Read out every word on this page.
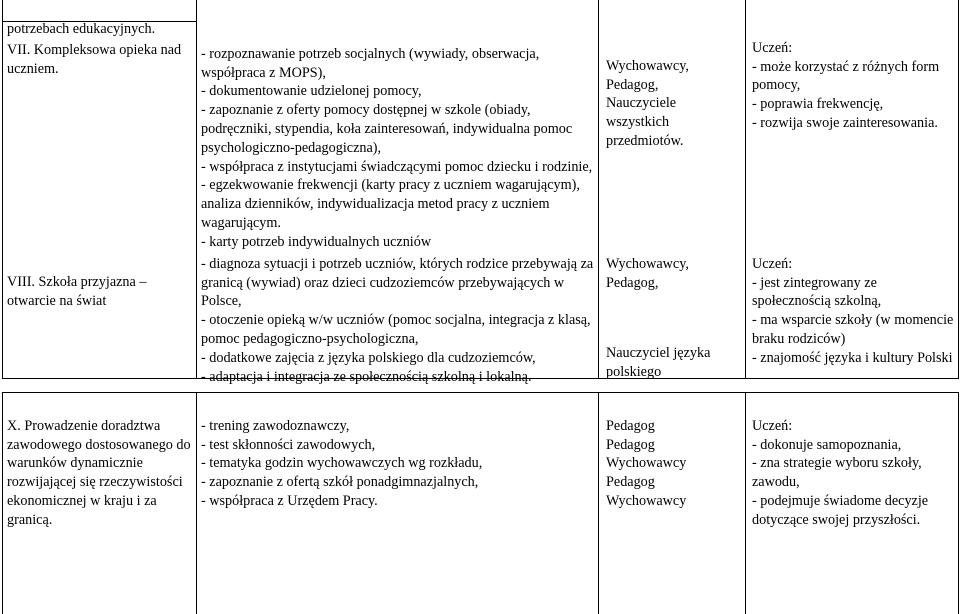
potrzebach edukacyjnych.

VII. Kompleksowa opieka nad uczniem.

VIII. Szkoła przyjazna –otwarcie na świat

- rozpoznawanie potrzeb socjalnych (wywiady, obserwacja, współpraca z MOPS),
- dokumentowanie udzielonej pomocy,
- zapoznanie z oferty pomocy dostępnej w szkole (obiady, podręczniki, stypendia, koła zainteresowań, indywidualna pomoc psychologiczno-pedagogiczna),
- współpraca z instytucjami świadczącymi pomoc dziecku i rodzinie,
- egzekwowanie frekwencji (karty pracy z uczniem wagarującym), analiza dzienników, indywidualizacja metod pracy z uczniem wagarującym.
- karty potrzeb indywidualnych uczniów

- diagnoza sytuacji i potrzeb uczniów, których rodzice przebywają za granicą (wywiad) oraz dzieci cudzoziemców przebywających w Polsce,
- otoczenie opieką w/w uczniów (pomoc socjalna, integracja z klasą, pomoc pedagogiczno-psychologiczna,
- dodatkowe zajęcia z języka polskiego dla cudzoziemców,
- adaptacja i integracja ze społecznością szkolną i lokalną.

Wychowawcy,
Pedagog,
Nauczyciele wszystkich przedmiotów.

Wychowawcy,
Pedagog,

Nauczyciel języka polskiego

Uczeń:
- może korzystać z różnych form pomocy,
- poprawia frekwencję,
- rozwija swoje zainteresowania.

Uczeń:
- jest zintegrowany ze społecznością szkolną,
- ma wsparcie szkoły (w momencie braku rodziców)
- znajomość języka i kultury Polski

X. Prowadzenie doradztwa zawodowego dostosowanego do warunków dynamicznie rozwijającej się rzeczywistości ekonomicznej w kraju i za granicą.

- trening zawodoznawczy,
- test skłonności zawodowych,
- tematyka godzin wychowawczych wg rozkładu,
- zapoznanie z ofertą szkół ponadgimnazjalnych,
- współpraca z Urzędem Pracy.

Pedagog
Pedagog
Wychowawcy
Pedagog
Wychowawcy

Uczeń:
- dokonuje samopoznania,
- zna strategie wyboru szkoły, zawodu,
- podejmuje świadome decyzje dotyczące swojej przyszłości.
